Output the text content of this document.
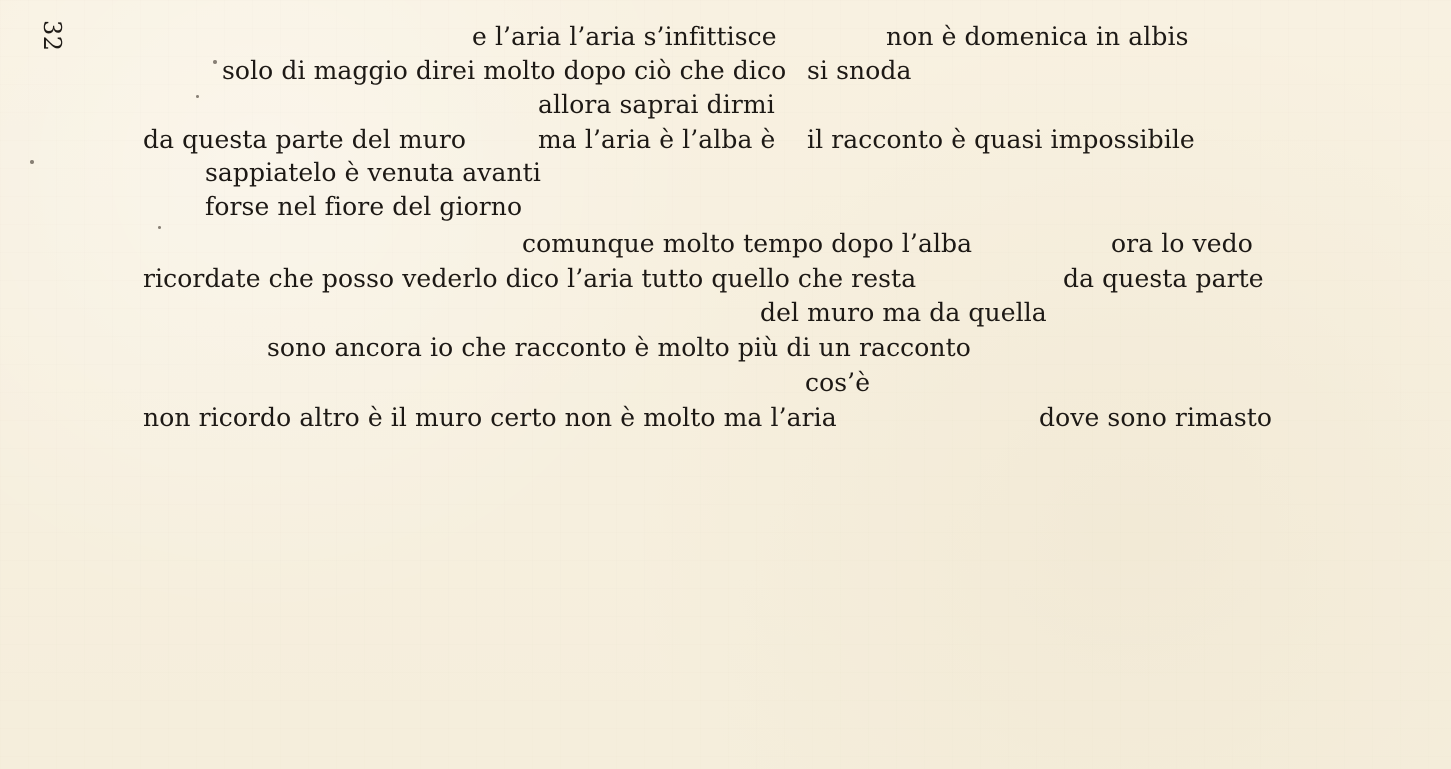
32	e l’aria l’aria s’infittisce	non è domenica in albis
solo di maggio direi molto dopo ciò che dico si snoda
allora saprai dirmi
da questa parte del muro	ma l’aria è l’alba è il racconto è quasi impossibile
sappiatelo è venuta avanti
forse nel fiore del giorno
comunque molto tempo dopo l’alba	ora lo vedo
ricordate che posso vederlo dico l’aria tutto quello che resta	da questa parte
del muro ma da quella
sono ancora io che racconto è molto più di un racconto
cos’è
non ricordo altro è il muro certo non è molto ma l’aria	dove sono rimasto
